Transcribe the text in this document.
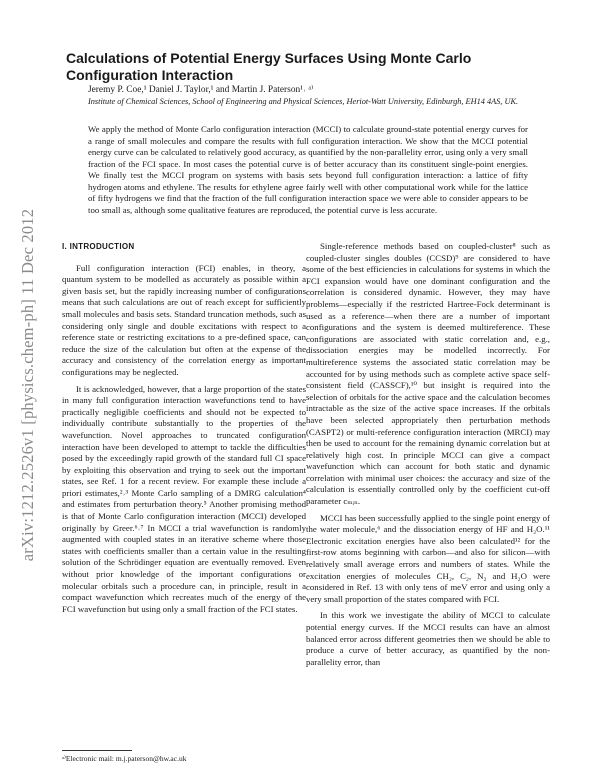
arXiv:1212.2526v1 [physics.chem-ph] 11 Dec 2012
Calculations of Potential Energy Surfaces Using Monte Carlo Configuration Interaction
Jeremy P. Coe,¹ Daniel J. Taylor,¹ and Martin J. Paterson¹˒ ᵃ⁾
Institute of Chemical Sciences, School of Engineering and Physical Sciences, Heriot-Watt University, Edinburgh, EH14 4AS, UK.

We apply the method of Monte Carlo configuration interaction (MCCI) to calculate ground-state potential energy curves for a range of small molecules and compare the results with full configuration interaction. We show that the MCCI potential energy curve can be calculated to relatively good accuracy, as quantified by the non-parallelity error, using only a very small fraction of the FCI space. In most cases the potential curve is of better accuracy than its constituent single-point energies. We finally test the MCCI program on systems with basis sets beyond full configuration interaction: a lattice of fifty hydrogen atoms and ethylene. The results for ethylene agree fairly well with other computational work while for the lattice of fifty hydrogens we find that the fraction of the full configuration interaction space we were able to consider appears to be too small as, although some qualitative features are reproduced, the potential curve is less accurate.

I. INTRODUCTION

Full configuration interaction (FCI) enables, in theory, a quantum system to be modelled as accurately as possible within a given basis set, but the rapidly increasing number of configurations means that such calculations are out of reach except for sufficiently small molecules and basis sets. Standard truncation methods, such as considering only single and double excitations with respect to a reference state or restricting excitations to a pre-defined space, can reduce the size of the calculation but often at the expense of the accuracy and consistency of the correlation energy as important configurations may be neglected.

It is acknowledged, however, that a large proportion of the states in many full configuration interaction wavefunctions tend to have practically negligible coefficients and should not be expected to individually contribute substantially to the properties of the wavefunction. Novel approaches to truncated configuration interaction have been developed to attempt to tackle the difficulties posed by the exceedingly rapid growth of the standard full CI space by exploiting this observation and trying to seek out the important states, see Ref. 1 for a recent review. For example these include a priori estimates,²˒³ Monte Carlo sampling of a DMRG calculation⁴ and estimates from perturbation theory.⁵ Another promising method is that of Monte Carlo configuration interaction (MCCI) developed originally by Greer.⁶˒⁷ In MCCI a trial wavefunction is randomly augmented with coupled states in an iterative scheme where those states with coefficients smaller than a certain value in the resulting solution of the Schrödinger equation are eventually removed. Even without prior knowledge of the important configurations or molecular orbitals such a procedure can, in principle, result in a compact wavefunction which recreates much of the energy of the FCI wavefunction but using only a small fraction of the FCI states.

Single-reference methods based on coupled-cluster⁸ such as coupled-cluster singles doubles (CCSD)⁹ are considered to have some of the best efficiencies in calculations for systems in which the FCI expansion would have one dominant configuration and the correlation is considered dynamic. However, they may have problems—especially if the restricted Hartree-Fock determinant is used as a reference—when there are a number of important configurations and the system is deemed multireference. These configurations are associated with static correlation and, e.g., dissociation energies may be modelled incorrectly. For multireference systems the associated static correlation may be accounted for by using methods such as complete active space self-consistent field (CASSCF),¹⁰ but insight is required into the selection of orbitals for the active space and the calculation becomes intractable as the size of the active space increases. If the orbitals have been selected appropriately then perturbation methods (CASPT2) or multi-reference configuration interaction (MRCI) may then be used to account for the remaining dynamic correlation but at relatively high cost. In principle MCCI can give a compact wavefunction which can account for both static and dynamic correlation with minimal user choices: the accuracy and size of the calculation is essentially controlled only by the coefficient cut-off parameter cₘᵢₙ.

MCCI has been successfully applied to the single point energy of the water molecule,⁶ and the dissociation energy of HF and H₂O.¹¹ Electronic excitation energies have also been calculated¹² for the first-row atoms beginning with carbon—and also for silicon—with relatively small average errors and numbers of states. While the excitation energies of molecules CH₂, C₂, N₂ and H₂O were considered in Ref. 13 with only tens of meV error and using only a very small proportion of the states compared with FCI.

In this work we investigate the ability of MCCI to calculate potential energy curves. If the MCCI results can have an almost balanced error across different geometries then we should be able to produce a curve of better accuracy, as quantified by the non-parallelity error, than

ᵃ⁾Electronic mail: m.j.paterson@hw.ac.uk
